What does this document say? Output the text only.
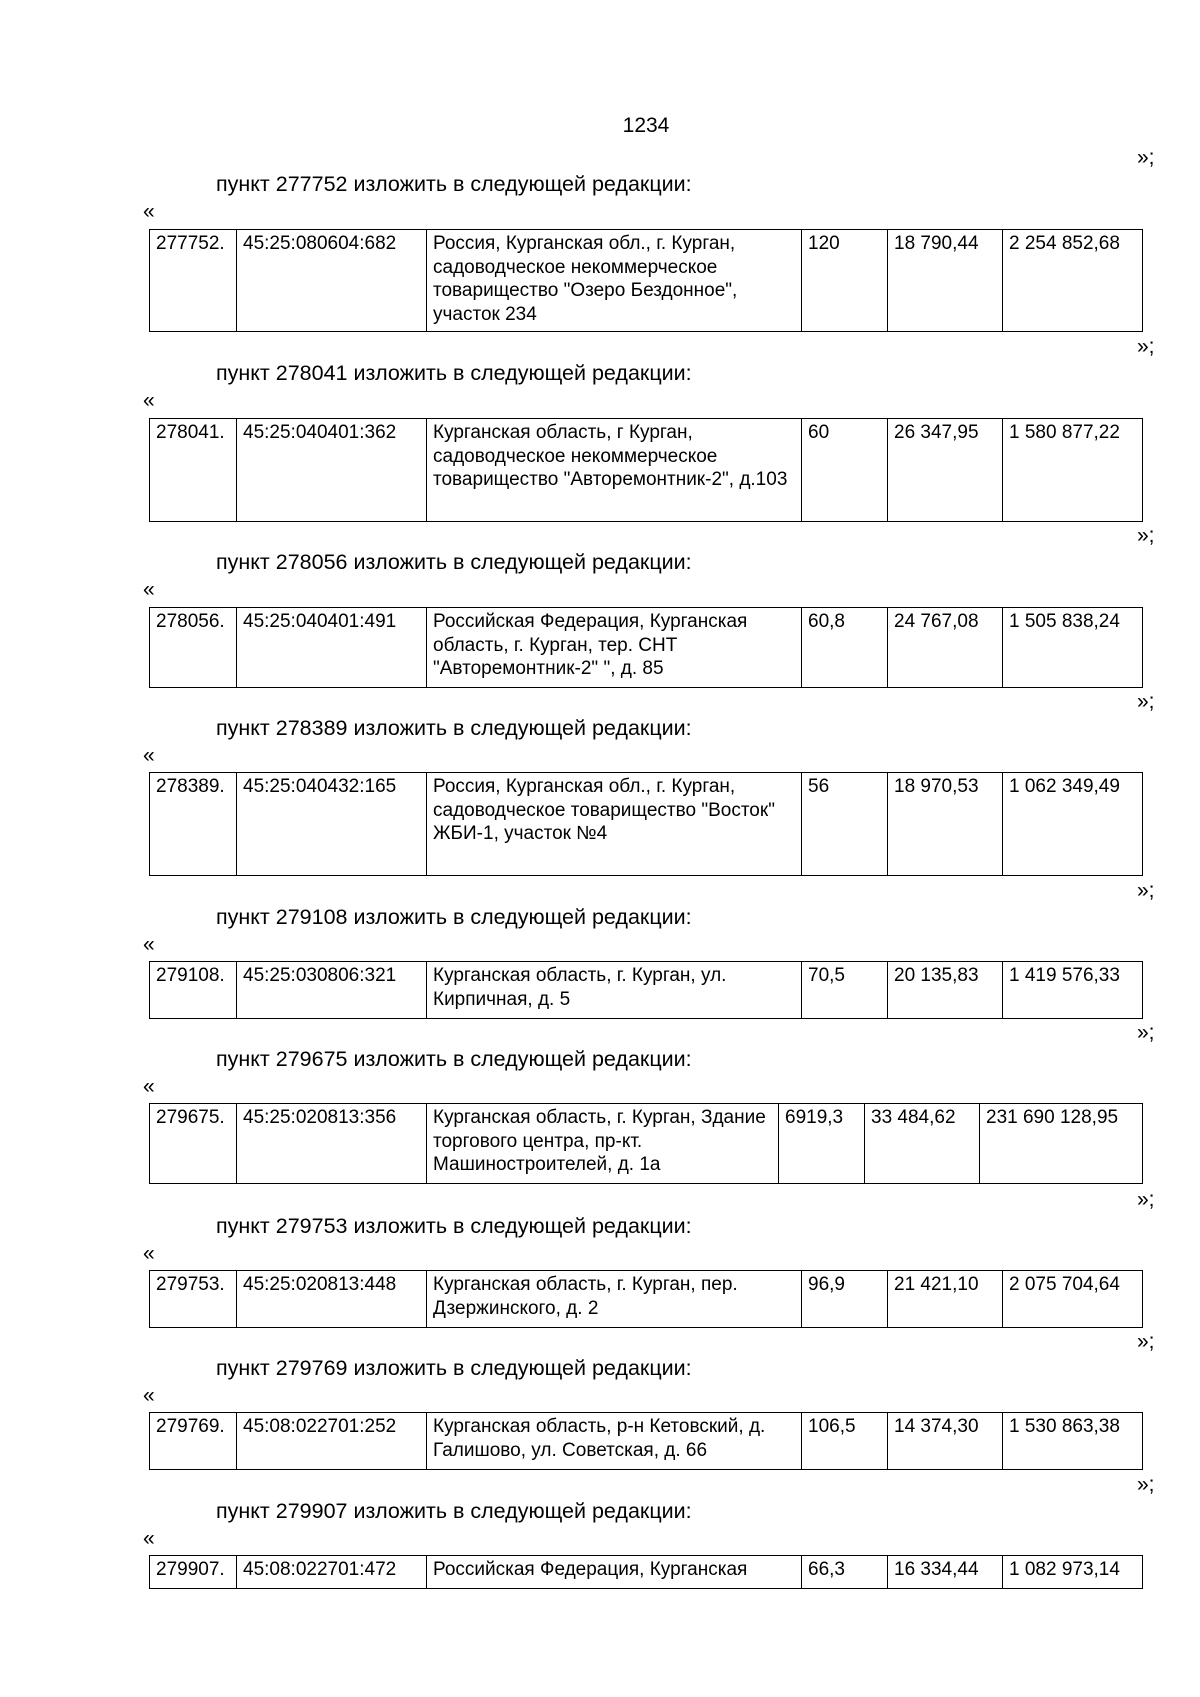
1234
»;
пункт 277752 изложить в следующей редакции:
«
277752.	45:25:080604:682	Россия, Курганская обл., г. Курган, садоводческое некоммерческое товарищество "Озеро Бездонное", участок 234	120	18 790,44	2 254 852,68
»;
пункт 278041 изложить в следующей редакции:
«
278041.	45:25:040401:362	Курганская область, г Курган, садоводческое некоммерческое товарищество "Авторемонтник-2", д.103	60	26 347,95	1 580 877,22
»;
пункт 278056 изложить в следующей редакции:
«
278056.	45:25:040401:491	Российская Федерация, Курганская область, г. Курган, тер. СНТ "Авторемонтник-2" ", д. 85	60,8	24 767,08	1 505 838,24
»;
пункт 278389 изложить в следующей редакции:
«
278389.	45:25:040432:165	Россия, Курганская обл., г. Курган, садоводческое товарищество "Восток" ЖБИ-1, участок №4	56	18 970,53	1 062 349,49
»;
пункт 279108 изложить в следующей редакции:
«
279108.	45:25:030806:321	Курганская область, г. Курган, ул. Кирпичная, д. 5	70,5	20 135,83	1 419 576,33
»;
пункт 279675 изложить в следующей редакции:
«
279675.	45:25:020813:356	Курганская область, г. Курган, Здание торгового центра, пр-кт. Машиностроителей, д. 1а	6919,3	33 484,62	231 690 128,95
»;
пункт 279753 изложить в следующей редакции:
«
279753.	45:25:020813:448	Курганская область, г. Курган, пер. Дзержинского, д. 2	96,9	21 421,10	2 075 704,64
»;
пункт 279769 изложить в следующей редакции:
«
279769.	45:08:022701:252	Курганская область, р-н Кетовский, д. Галишово, ул. Советская, д. 66	106,5	14 374,30	1 530 863,38
»;
пункт 279907 изложить в следующей редакции:
«
279907.	45:08:022701:472	Российская Федерация, Курганская	66,3	16 334,44	1 082 973,14
